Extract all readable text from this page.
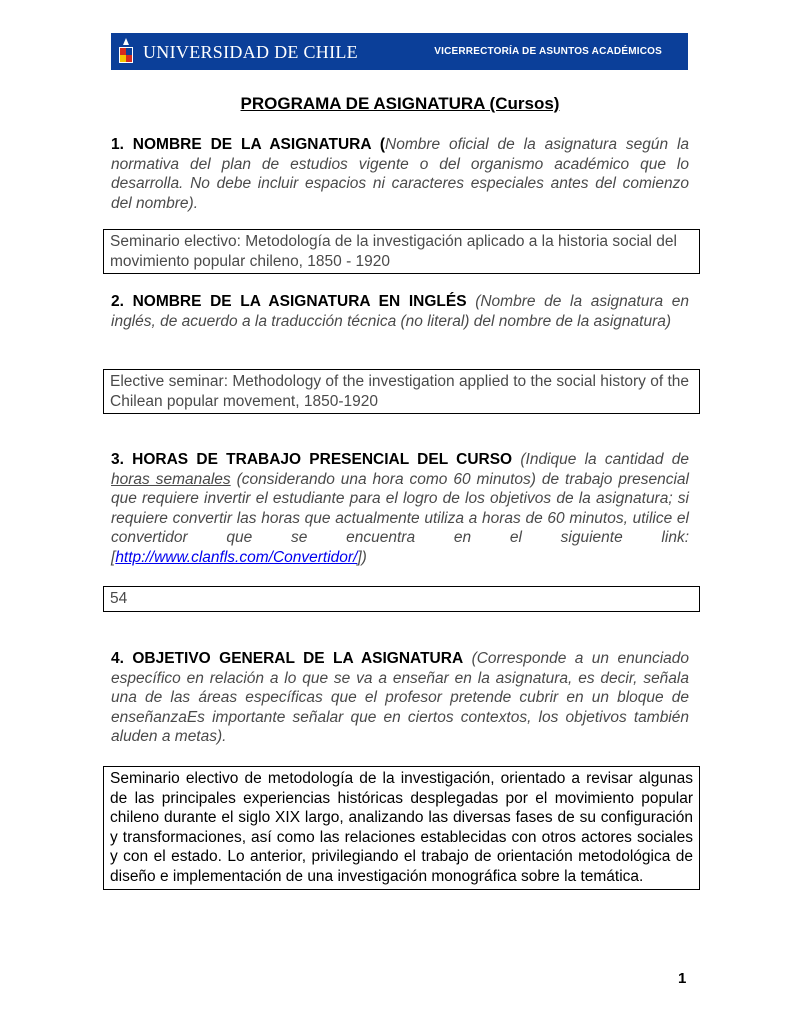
UNIVERSIDAD DE CHILE	VICERRECTORÍA DE ASUNTOS ACADÉMICOS
PROGRAMA DE ASIGNATURA (Cursos)
1. NOMBRE DE LA ASIGNATURA (Nombre oficial de la asignatura según la normativa del plan de estudios vigente o del organismo académico que lo desarrolla. No debe incluir espacios ni caracteres especiales antes del comienzo del nombre).
Seminario electivo: Metodología de la investigación aplicado a la historia social del movimiento popular chileno, 1850 - 1920
2. NOMBRE DE LA ASIGNATURA EN INGLÉS (Nombre de la asignatura en inglés, de acuerdo a la traducción técnica (no literal) del nombre de la asignatura)
Elective seminar: Methodology of the investigation applied to the social history of the Chilean popular movement, 1850-1920
3. HORAS DE TRABAJO PRESENCIAL DEL CURSO (Indique la cantidad de horas semanales (considerando una hora como 60 minutos) de trabajo presencial que requiere invertir el estudiante para el logro de los objetivos de la asignatura; si requiere convertir las horas que actualmente utiliza a horas de 60 minutos, utilice el convertidor que se encuentra en el siguiente link: [http://www.clanfls.com/Convertidor/])
54
4. OBJETIVO GENERAL DE LA ASIGNATURA (Corresponde a un enunciado específico en relación a lo que se va a enseñar en la asignatura, es decir, señala una de las áreas específicas que el profesor pretende cubrir en un bloque de enseñanzaEs importante señalar que en ciertos contextos, los objetivos también aluden a metas).
Seminario electivo de metodología de la investigación, orientado a revisar algunas de las principales experiencias históricas desplegadas por el movimiento popular chileno durante el siglo XIX largo, analizando las diversas fases de su configuración y transformaciones, así como las relaciones establecidas con otros actores sociales y con el estado. Lo anterior, privilegiando el trabajo de orientación metodológica de diseño e implementación de una investigación monográfica sobre la temática.
1
